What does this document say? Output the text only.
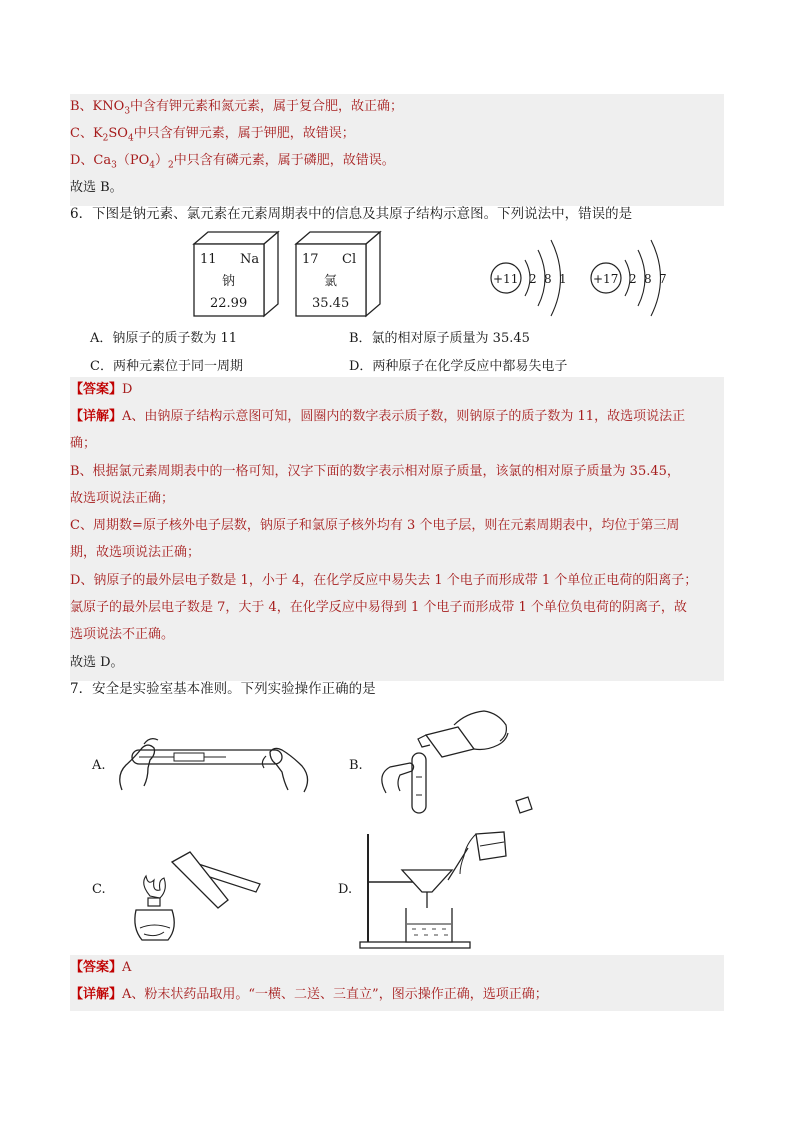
B、$KNO_3$中含有钾元素和氮元素，属于复合肥，故正确；
C、$K_2SO_4$中只含有钾元素，属于钾肥，故错误；
D、$Ca_3(PO_4)_2$中只含有磷元素，属于磷肥，故错误。
故选 B。
6．下图是钠元素、氯元素在元素周期表中的信息及其原子结构示意图。下列说法中，错误的是
11 Na
钠
22.99
17 Cl
氯
35.45
+11 2 8 1 +17 2 8 7
A．钠原子的质子数为 11	B．氯的相对原子质量为 35.45
C．两种元素位于同一周期	D．两种原子在化学反应中都易失电子
【答案】D
【详解】A、由钠原子结构示意图可知，圆圈内的数字表示质子数，则钠原子的质子数为 11，故选项说法正
确；
B、根据氯元素周期表中的一格可知，汉字下面的数字表示相对原子质量，该氯的相对原子质量为 35.45，
故选项说法正确；
C、周期数=原子核外电子层数，钠原子和氯原子核外均有 3 个电子层，则在元素周期表中，均位于第三周
期，故选项说法正确；
D、钠原子的最外层电子数是 1，小于 4，在化学反应中易失去 1 个电子而形成带 1 个单位正电荷的阳离子；
氯原子的最外层电子数是 7，大于 4，在化学反应中易得到 1 个电子而形成带 1 个单位负电荷的阴离子，故
选项说法不正确。
故选 D。
7．安全是实验室基本准则。下列实验操作正确的是
A.	B.
C.	D.
【答案】A
【详解】A、粉末状药品取用。“一横、二送、三直立”，图示操作正确，选项正确；
